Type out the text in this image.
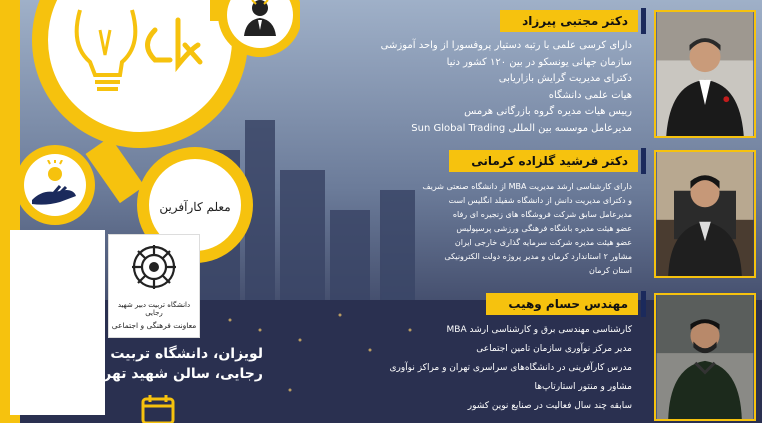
معلم کارآفرین
دانشگاه تربیت دبیر شهید رجایی
معاونت فرهنگی و اجتماعی
لویزان، دانشگاه تربیت دبیر شهید
رجایی، سالن شهید تهرانی مقدم
دکتر مجتبی پیرزاد
دارای کرسی علمی با رتبه دستیار پروفسورا از واحد آموزشی
سازمان جهانی یونسکو در بین ۱۲۰ کشور دنیا
دکترای مدیریت گرایش بازاریابی
هیات علمی دانشگاه
رییس هیات مدیره گروه بازرگانی هرمس
مدیرعامل موسسه بین المللی Sun Global Trading
دکتر فرشید گلزاده کرمانی
دارای کارشناسی ارشد مدیریت MBA از دانشگاه صنعتی شریف
و دکترای مدیریت دانش از دانشگاه شفیلد انگلیس است
مدیرعامل سابق شرکت فروشگاه های زنجیره ای رفاه
عضو هیئت مدیره باشگاه فرهنگی ورزشی پرسپولیس
عضو هیئت مدیره شرکت سرمایه گذاری خارجی ایران
مشاور ۲ استاندارد کرمان و مدیر پروژه دولت الکترونیکی
استان کرمان
مهندس حسام وهیب
کارشناسی مهندسی برق و کارشناسی ارشد MBA
مدیر مرکز نوآوری سازمان تامین اجتماعی
مدرس کارآفرینی در دانشگاه‌های سراسری تهران و مراکز نوآوری
مشاور و منتور استارتاپ‌ها
سابقه چند سال فعالیت در صنایع نوین کشور
